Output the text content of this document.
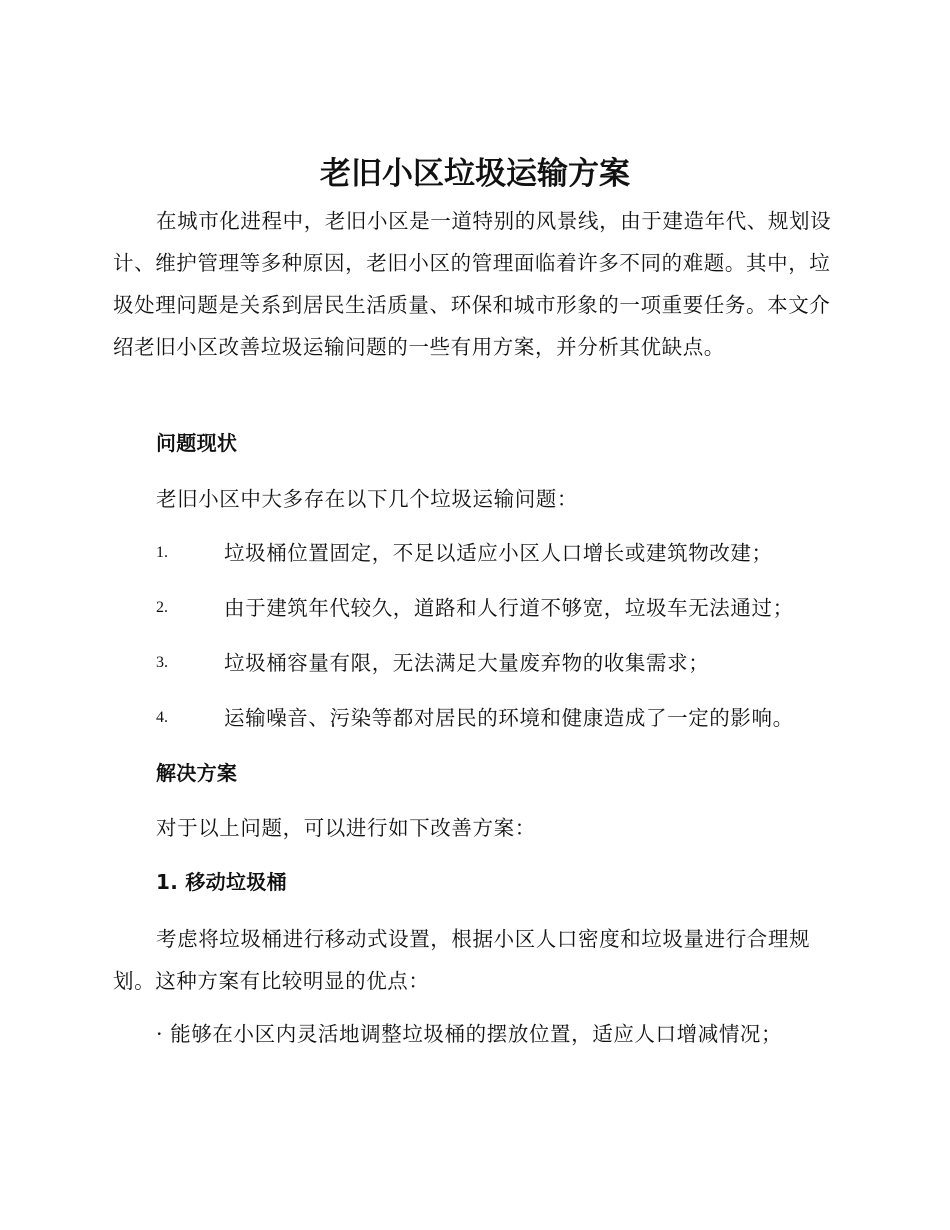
老旧小区垃圾运输方案

在城市化进程中，老旧小区是一道特别的风景线，由于建造年代、规划设计、维护管理等多种原因，老旧小区的管理面临着许多不同的难题。其中，垃圾处理问题是关系到居民生活质量、环保和城市形象的一项重要任务。本文介绍老旧小区改善垃圾运输问题的一些有用方案，并分析其优缺点。

问题现状

老旧小区中大多存在以下几个垃圾运输问题：

1.	垃圾桶位置固定，不足以适应小区人口增长或建筑物改建；
2.	由于建筑年代较久，道路和人行道不够宽，垃圾车无法通过；
3.	垃圾桶容量有限，无法满足大量废弃物的收集需求；
4.	运输噪音、污染等都对居民的环境和健康造成了一定的影响。

解决方案

对于以上问题，可以进行如下改善方案：

1. 移动垃圾桶

考虑将垃圾桶进行移动式设置，根据小区人口密度和垃圾量进行合理规划。这种方案有比较明显的优点：

· 能够在小区内灵活地调整垃圾桶的摆放位置，适应人口增减情况；
